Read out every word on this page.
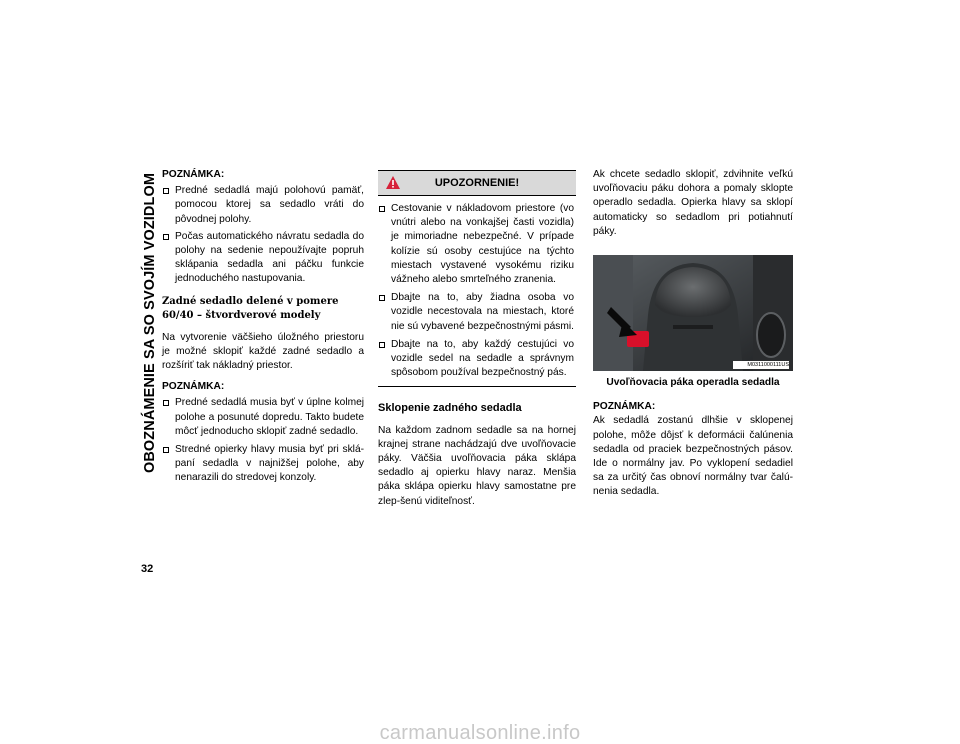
OBOZNÁMENIE SA SO SVOJÍM VOZIDLOM POZNÁMKA:

Predné sedadlá majú polohovú pamäť, pomocou ktorej sa sedadlo vráti do pôvodnej polohy.
Počas automatického návratu sedadla do polohy na sedenie nepoužívajte popruh sklápania sedadla ani páčku funkcie jednoduchého nastupovania.

Zadné sedadlo delené v pomere 60/40 – štvordverové modely

Na vytvorenie väčšieho úložného priestoru je možné sklopiť každé zadné sedadlo a rozšíriť tak nákladný priestor.

POZNÁMKA:

Predné sedadlá musia byť v úplne kolmej polohe a posunuté dopredu. Takto budete môcť jednoducho sklopiť zadné sedadlo.
Stredné opierky hlavy musia byť pri sklá-paní sedadla v najnižšej polohe, aby nenarazili do stredovej konzoly.
UPOZORNENIE!
Cestovanie v nákladovom priestore (vo vnútri alebo na vonkajšej časti vozidla) je mimoriadne nebezpečné. V prípade kolízie sú osoby cestujúce na týchto miestach vystavené vysokému riziku vážneho alebo smrteľného zranenia.
Dbajte na to, aby žiadna osoba vo vozidle necestovala na miestach, ktoré nie sú vybavené bezpečnostnými pásmi.
Dbajte na to, aby každý cestujúci vo vozidle sedel na sedadle a správnym spôsobom používal bezpečnostný pás.

Sklopenie zadného sedadla

Na každom zadnom sedadle sa na hornej krajnej strane nachádzajú dve uvoľňovacie páky. Väčšia uvoľňovacia páka sklápa sedadlo aj opierku hlavy naraz. Menšia páka sklápa opierku hlavy samostatne pre zlep-šenú viditeľnosť.

Ak chcete sedadlo sklopiť, zdvihnite veľkú uvoľňovaciu páku dohora a pomaly sklopte operadlo sedadla. Opierka hlavy sa sklopí automaticky so sedadlom pri potiahnutí páky.

M0311000111US

Uvoľňovacia páka operadla sedadla

POZNÁMKA:

Ak sedadlá zostanú dlhšie v sklopenej polohe, môže dôjsť k deformácii čalúnenia sedadla od praciek bezpečnostných pásov. Ide o normálny jav. Po vyklopení sedadiel sa za určitý čas obnoví normálny tvar čalú-nenia sedadla.

32
carmanualsonline.info
